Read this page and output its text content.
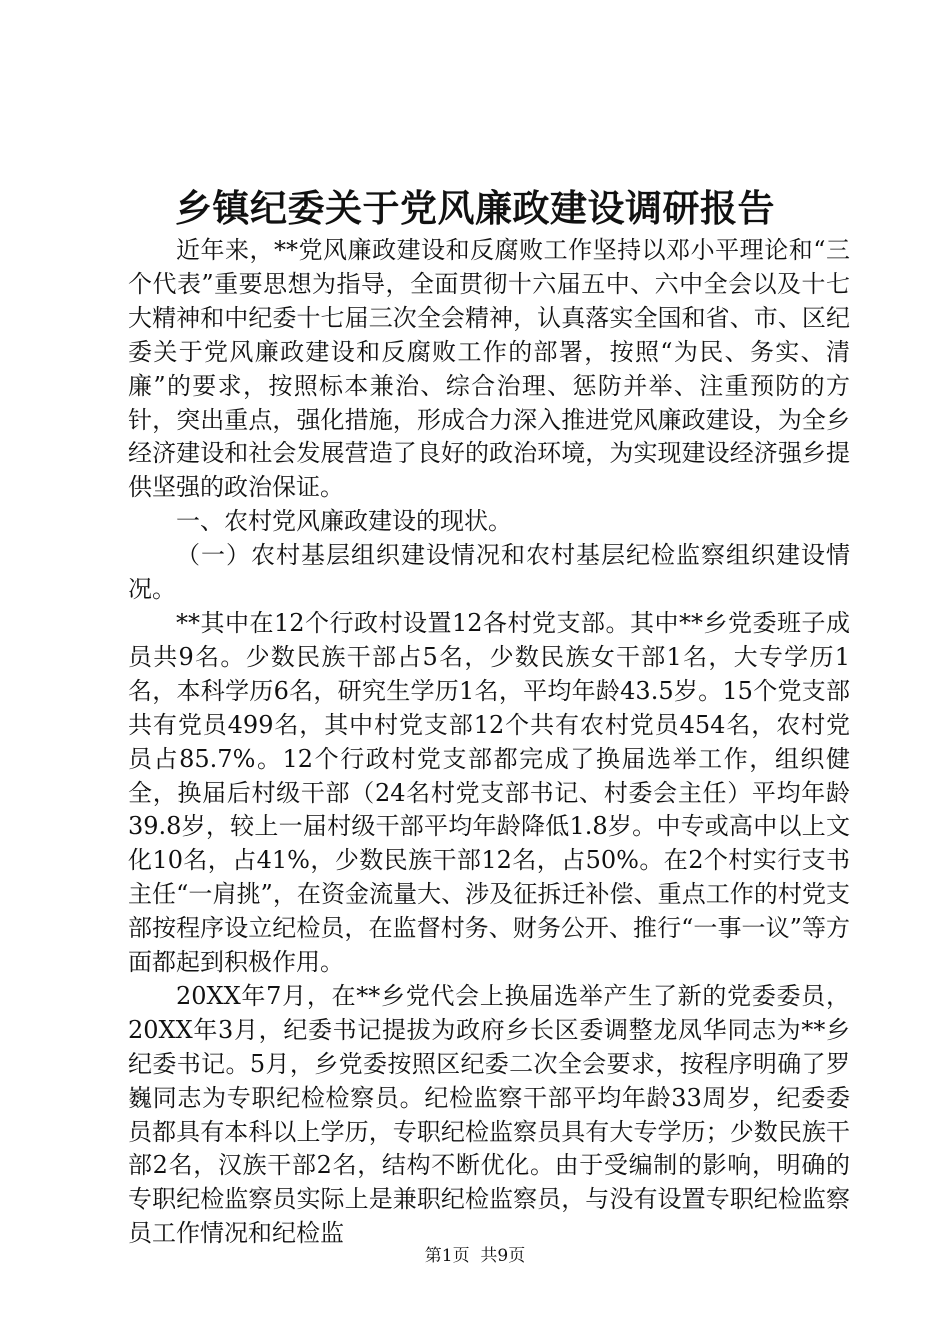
乡镇纪委关于党风廉政建设调研报告

近年来，**党风廉政建设和反腐败工作坚持以邓小平理论和“三个代表”重要思想为指导，全面贯彻十六届五中、六中全会以及十七大精神和中纪委十七届三次全会精神，认真落实全国和省、市、区纪委关于党风廉政建设和反腐败工作的部署，按照“为民、务实、清廉”的要求，按照标本兼治、综合治理、惩防并举、注重预防的方针，突出重点，强化措施，形成合力深入推进党风廉政建设，为全乡经济建设和社会发展营造了良好的政治环境，为实现建设经济强乡提供坚强的政治保证。

一、农村党风廉政建设的现状。

（一）农村基层组织建设情况和农村基层纪检监察组织建设情况。

**其中在12个行政村设置12各村党支部。其中**乡党委班子成员共9名。少数民族干部占5名，少数民族女干部1名，大专学历1名，本科学历6名，研究生学历1名，平均年龄43.5岁。15个党支部共有党员499名，其中村党支部12个共有农村党员454名，农村党员占85.7%。12个行政村党支部都完成了换届选举工作，组织健全，换届后村级干部（24名村党支部书记、村委会主任）平均年龄39.8岁，较上一届村级干部平均年龄降低1.8岁。中专或高中以上文化10名，占41%，少数民族干部12名，占50%。在2个村实行支书主任“一肩挑”，在资金流量大、涉及征拆迁补偿、重点工作的村党支部按程序设立纪检员，在监督村务、财务公开、推行“一事一议”等方面都起到积极作用。

20XX年7月，在**乡党代会上换届选举产生了新的党委委员，20XX年3月，纪委书记提拔为政府乡长区委调整龙凤华同志为**乡纪委书记。5月，乡党委按照区纪委二次全会要求，按程序明确了罗巍同志为专职纪检检察员。纪检监察干部平均年龄33周岁，纪委委员都具有本科以上学历，专职纪检监察员具有大专学历；少数民族干部2名，汉族干部2名，结构不断优化。由于受编制的影响，明确的专职纪检监察员实际上是兼职纪检监察员，与没有设置专职纪检监察员工作情况和纪检监

第1页  共9页
